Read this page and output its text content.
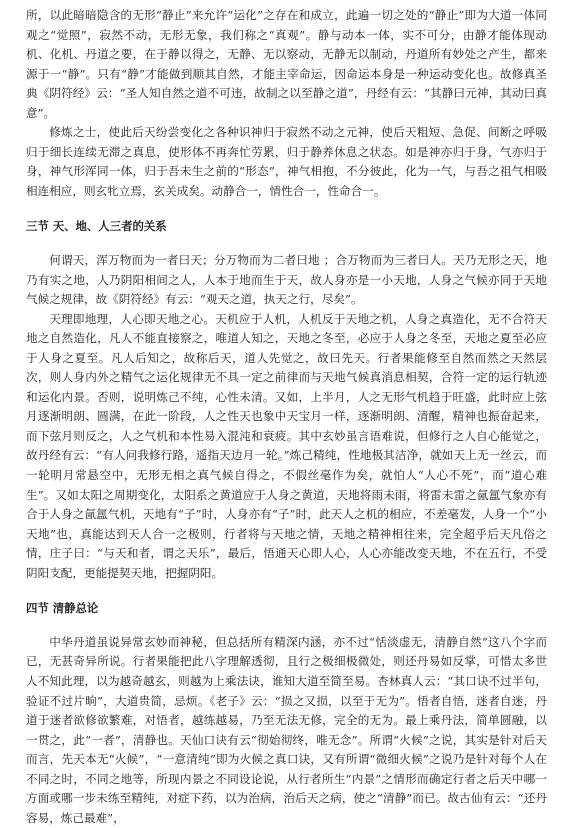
所，以此暗暗隐含的无形“静止”来允许“运化”之存在和成立，此遍一切之处的“静止”即为大道一体同观之“觉照”，寂然不动，无形无象，我们称之“真观”。静与动本一体，实不可分，由静才能体现动机、化机、丹道之要，在于静以得之，无静、无以察动，无静无以制动，丹道所有妙处之产生，都来源于一“静”。只有“静”才能做到顺其自然，才能主宰命运，因命运本身是一种运动变化也。故修真圣典《阴符经》云：“圣人知自然之道不可违，故制之以至静之道”，丹经有云：“其静曰元神，其动曰真意”。

修炼之士，使此后天纷尝变化之各种识神归于寂然不动之元神，使后天粗短、急促、间断之呼吸归于细长连续无滞之真息，使形体不再奔忙劳累，归于静养休息之状态。如是神亦归于身，气亦归于身，神气形浑同一体，归于吾未生之前的“形态”，神气相抱，不分彼此，化为一气，与吾之祖气相吸相连相应，则玄牝立焉，玄关成矣。动静合一，情性合一，性命合一。

三节 天、地、人三者的关系

何谓天，浑万物而为一者曰天；分万物而为二者曰地 ；合万物而为三者曰人。天乃无形之天，地乃有实之地，人乃阴阳相间之人，人本于地而生于天，故人身亦是一小天地，人身之气候亦同于天地气候之规律，故《阴符经》有云：“观天之道，执天之行，尽矣”。

天理即地理，人心即天地之心。天机应于人机，人机反于天地之机，人身之真造化，无不合符天地之自然造化，凡人不能直接察之，唯道人知之，天地之冬至，必应于人身之冬至，天地之夏至必应于人身之夏至。凡人后知之，故称后天，道人先觉之，故曰先天。行者果能修至自然而然之天然层次，则人身内外之精气之运化规律无不具一定之前律而与天地气候真消息相契，合符一定的运行轨迹和运化内景。否则，说明炼己不纯，心性未清。又如，上半月，人之无形气机趋于旺盛，此时应上弦月逐渐明朗、圆满，在此一阶段，人之性天也象中天宝月一样，逐渐明朗、清醒，精神也振奋起来，而下弦月则反之，人之气机和本性易入混沌和衰疲。其中玄妙虽言语难说，但修行之人自心能觉之，故丹经有云：“有人问我修行路，遥指天边月一轮。”炼己精纯，性地极其洁净，就如天上无一丝云，而一轮明月常悬空中，无形无相之真气候自得之，不假丝毫作为矣，就怕人“人心不死”，而“道心难生”。又如太阳之周期变化，太阳系之黄道应于人身之黄道，天地将雨未雨，将雷未雷之氤氲气象亦有合于人身之氤氲气机，天地有“子”时，人身亦有“子”时，此天人之机的相应，不差毫发，人身一个“小天地”也，真能达到天人合一之极则，行者将与天地之情，天地之精神相往来，完全超乎后天凡俗之情，庄子曰：“与天和者，谓之天乐”，最后，悟通天心即人心，人心亦能改变天地，不在五行，不受阴阳支配，更能提契天地，把握阴阳。

四节 清静总论

中华丹道虽说异常玄妙而神秘，但总括所有精深内涵，亦不过“恬淡虚无，清静自然”这八个字而已，无甚奇异所说。行者果能把此八字理解透彻，且行之极细极微处，则还丹易如反掌，可惜太多世人不知此理，以为越奇越玄，则越为上乘法诀，谁知大道至简至易。杏林真人云：“其口诀不过半句，验证不过片晌”，大道贵简，忌烦。《老子》云：“损之又损，以至于无为”。悟者自悟，迷者自迷，丹道于迷者欲修欲繁难，对悟者，越练越易，乃至无法无修，完全的无为。最上乘丹法，简单圆融，以一贯之，此“一者”，清静也。天仙口诀有云“彻始彻终，唯无念”。所谓“火候”之说，其实是针对后天而言，先天本无“火候”，“一意清纯”即为火候之真口诀，又有所谓“微细火候”之说乃是针对每个人在不同之时，不同之地等，所现内景之不同设论说，从行者所生“内景”之情形而确定行者之后天中哪一方面或哪一步未练至精纯，对症下药，以为治病，治后天之病，使之“清静”而已。故古仙有云：“还丹容易，炼己最难”，
